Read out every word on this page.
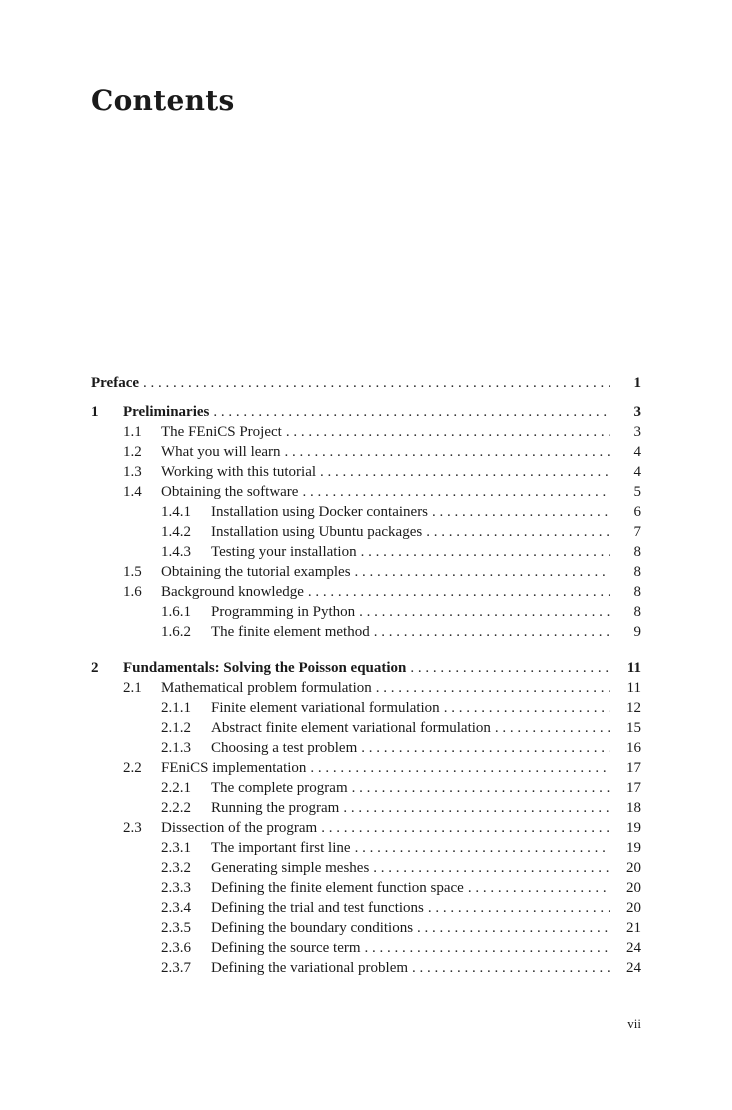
Contents
Preface . . .	1
1 Preliminaries . . .	3
1.1 The FEniCS Project . . .	3
1.2 What you will learn . . .	4
1.3 Working with this tutorial . . .	4
1.4 Obtaining the software . . .	5
1.4.1 Installation using Docker containers . . .	6
1.4.2 Installation using Ubuntu packages . . .	7
1.4.3 Testing your installation . . .	8
1.5 Obtaining the tutorial examples . . .	8
1.6 Background knowledge . . .	8
1.6.1 Programming in Python . . .	8
1.6.2 The finite element method . . .	9
2 Fundamentals: Solving the Poisson equation . . .	11
2.1 Mathematical problem formulation . . .	11
2.1.1 Finite element variational formulation . . .	12
2.1.2 Abstract finite element variational formulation . . .	15
2.1.3 Choosing a test problem . . .	16
2.2 FEniCS implementation . . .	17
2.2.1 The complete program . . .	17
2.2.2 Running the program . . .	18
2.3 Dissection of the program . . .	19
2.3.1 The important first line . . .	19
2.3.2 Generating simple meshes . . .	20
2.3.3 Defining the finite element function space . . .	20
2.3.4 Defining the trial and test functions . . .	20
2.3.5 Defining the boundary conditions . . .	21
2.3.6 Defining the source term . . .	24
2.3.7 Defining the variational problem . . .	24
vii
